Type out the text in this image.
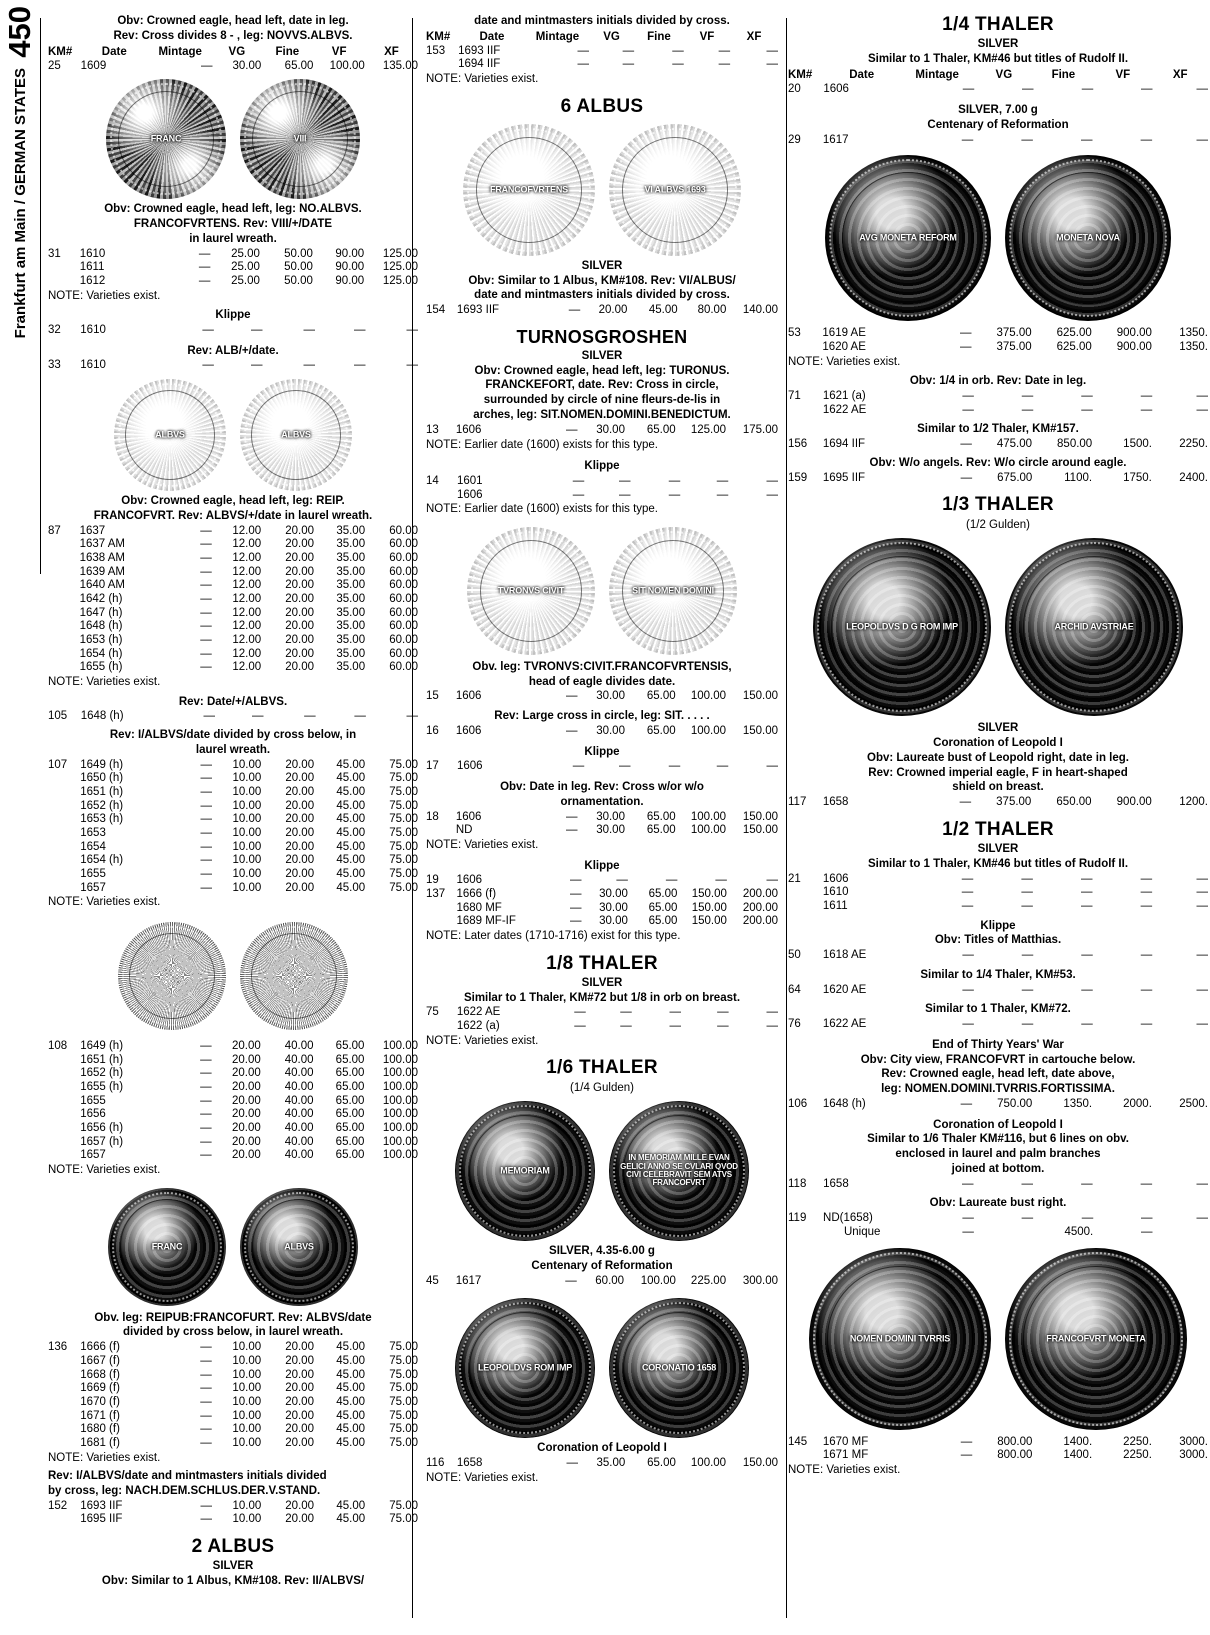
450
Frankfurt am Main / GERMAN STATES
Obv: Crowned eagle, head left, date in leg.
Rev: Cross divides 8 - , leg: NOVVS.ALBVS.
KM#	Date	Mintage	VG	Fine	VF	XF
25	1609	—	30.00	65.00	100.00	135.00
FRANC	VIII
Obv: Crowned eagle, head left, leg: NO.ALBVS.
FRANCOFVRTENS. Rev: VIII/+/DATE
in laurel wreath.
31	1610	—	25.00	50.00	90.00	125.00
	1611	—	25.00	50.00	90.00	125.00
	1612	—	25.00	50.00	90.00	125.00
NOTE: Varieties exist.
Klippe
32	1610	—	—	—	—	—
Rev: ALB/+/date.
33	1610	—	—	—	—	—
ALBVS	ALBVS
Obv: Crowned eagle, head left, leg: REIP.
FRANCOFVRT. Rev: ALBVS/+/date in laurel wreath.
87	1637	—	12.00	20.00	35.00	60.00
	1637 AM	—	12.00	20.00	35.00	60.00
	1638 AM	—	12.00	20.00	35.00	60.00
	1639 AM	—	12.00	20.00	35.00	60.00
	1640 AM	—	12.00	20.00	35.00	60.00
	1642 (h)	—	12.00	20.00	35.00	60.00
	1647 (h)	—	12.00	20.00	35.00	60.00
	1648 (h)	—	12.00	20.00	35.00	60.00
	1653 (h)	—	12.00	20.00	35.00	60.00
	1654 (h)	—	12.00	20.00	35.00	60.00
	1655 (h)	—	12.00	20.00	35.00	60.00
NOTE: Varieties exist.
Rev: Date/+/ALBVS.
105	1648 (h)	—	—	—	—	—
Rev: I/ALBVS/date divided by cross below, in
laurel wreath.
107	1649 (h)	—	10.00	20.00	45.00	75.00
	1650 (h)	—	10.00	20.00	45.00	75.00
	1651 (h)	—	10.00	20.00	45.00	75.00
	1652 (h)	—	10.00	20.00	45.00	75.00
	1653 (h)	—	10.00	20.00	45.00	75.00
	1653	—	10.00	20.00	45.00	75.00
	1654	—	10.00	20.00	45.00	75.00
	1654 (h)	—	10.00	20.00	45.00	75.00
	1655	—	10.00	20.00	45.00	75.00
	1657	—	10.00	20.00	45.00	75.00
NOTE: Varieties exist.
108	1649 (h)	—	20.00	40.00	65.00	100.00
	1651 (h)	—	20.00	40.00	65.00	100.00
	1652 (h)	—	20.00	40.00	65.00	100.00
	1655 (h)	—	20.00	40.00	65.00	100.00
	1655	—	20.00	40.00	65.00	100.00
	1656	—	20.00	40.00	65.00	100.00
	1656 (h)	—	20.00	40.00	65.00	100.00
	1657 (h)	—	20.00	40.00	65.00	100.00
	1657	—	20.00	40.00	65.00	100.00
NOTE: Varieties exist.
FRANC	ALBVS
Obv. leg: REIPUB:FRANCOFURT. Rev: ALBVS/date
divided by cross below, in laurel wreath.
136	1666 (f)	—	10.00	20.00	45.00	75.00
	1667 (f)	—	10.00	20.00	45.00	75.00
	1668 (f)	—	10.00	20.00	45.00	75.00
	1669 (f)	—	10.00	20.00	45.00	75.00
	1670 (f)	—	10.00	20.00	45.00	75.00
	1671 (f)	—	10.00	20.00	45.00	75.00
	1680 (f)	—	10.00	20.00	45.00	75.00
	1681 (f)	—	10.00	20.00	45.00	75.00
NOTE: Varieties exist.
Rev: I/ALBVS/date and mintmasters initials divided
by cross, leg: NACH.DEM.SCHLUS.DER.V.STAND.
152	1693 IIF	—	10.00	20.00	45.00	75.00
	1695 IIF	—	10.00	20.00	45.00	75.00
2 ALBUS
SILVER
Obv: Similar to 1 Albus, KM#108. Rev: II/ALBVS/
date and mintmasters initials divided by cross.
KM#	Date	Mintage	VG	Fine	VF	XF
153	1693 IIF	—	—	—	—	—
	1694 IIF	—	—	—	—	—
NOTE: Varieties exist.
6 ALBUS
FRANCOFVRTENS	VI ALBVS 1693
SILVER
Obv: Similar to 1 Albus, KM#108. Rev: VI/ALBUS/
date and mintmasters initials divided by cross.
154	1693 IIF	—	20.00	45.00	80.00	140.00
TURNOSGROSHEN
SILVER
Obv: Crowned eagle, head left, leg: TURONUS.
FRANCKEFORT, date. Rev: Cross in circle,
surrounded by circle of nine fleurs-de-lis in
arches, leg: SIT.NOMEN.DOMINI.BENEDICTUM.
13	1606	—	30.00	65.00	125.00	175.00
NOTE: Earlier date (1600) exists for this type.
Klippe
14	1601	—	—	—	—	—
	1606	—	—	—	—	—
NOTE: Earlier date (1600) exists for this type.
TVRONVS CIVIT	SIT NOMEN DOMINI
Obv. leg: TVRONVS:CIVIT.FRANCOFVRTENSIS,
head of eagle divides date.
15	1606	—	30.00	65.00	100.00	150.00
Rev: Large cross in circle, leg: SIT. . . . .
16	1606	—	30.00	65.00	100.00	150.00
Klippe
17	1606	—	—	—	—	—
Obv: Date in leg. Rev: Cross w/or w/o
ornamentation.
18	1606	—	30.00	65.00	100.00	150.00
	ND	—	30.00	65.00	100.00	150.00
NOTE: Varieties exist.
Klippe
19	1606	—	—	—	—	—
137	1666 (f)	—	30.00	65.00	150.00	200.00
	1680 MF	—	30.00	65.00	150.00	200.00
	1689 MF-IF	—	30.00	65.00	150.00	200.00
NOTE: Later dates (1710-1716) exist for this type.
1/8 THALER
SILVER
Similar to 1 Thaler, KM#72 but 1/8 in orb on breast.
75	1622 AE	—	—	—	—	—
	1622 (a)	—	—	—	—	—
NOTE: Varieties exist.
1/6 THALER
(1/4 Gulden)
MEMORIAM
IN MEMORIAM MILLE EVAN GELICI ANNO SE CVLARI QVOD CIVI CELEBRAVIT SEM ATVS FRANCOFVRT
SILVER, 4.35-6.00 g
Centenary of Reformation
45	1617	—	60.00	100.00	225.00	300.00
LEOPOLDVS ROM IMP	CORONATIO 1658
Coronation of Leopold I
116	1658	—	35.00	65.00	100.00	150.00
NOTE: Varieties exist.
1/4 THALER
SILVER
Similar to 1 Thaler, KM#46 but titles of Rudolf II.
KM#	Date	Mintage	VG	Fine	VF	XF
20	1606	—	—	—	—	—
SILVER, 7.00 g
Centenary of Reformation
29	1617	—	—	—	—	—
AVG MONETA REFORM	MONETA NOVA
53	1619 AE	—	375.00	625.00	900.00	1350.
	1620 AE	—	375.00	625.00	900.00	1350.
NOTE: Varieties exist.
Obv: 1/4 in orb. Rev: Date in leg.
71	1621 (a)	—	—	—	—	—
	1622 AE	—	—	—	—	—
Similar to 1/2 Thaler, KM#157.
156	1694 IIF	—	475.00	850.00	1500.	2250.
Obv: W/o angels. Rev: W/o circle around eagle.
159	1695 IIF	—	675.00	1100.	1750.	2400.
1/3 THALER
(1/2 Gulden)
LEOPOLDVS D G ROM IMP	ARCHID AVSTRIAE
SILVER
Coronation of Leopold I
Obv: Laureate bust of Leopold right, date in leg.
Rev: Crowned imperial eagle, F in heart-shaped
shield on breast.
117	1658	—	375.00	650.00	900.00	1200.
1/2 THALER
SILVER
Similar to 1 Thaler, KM#46 but titles of Rudolf II.
21	1606	—	—	—	—	—
	1610	—	—	—	—	—
	1611	—	—	—	—	—
Klippe
Obv: Titles of Matthias.
50	1618 AE	—	—	—	—	—
Similar to 1/4 Thaler, KM#53.
64	1620 AE	—	—	—	—	—
Similar to 1 Thaler, KM#72.
76	1622 AE	—	—	—	—	—
End of Thirty Years' War
Obv: City view, FRANCOFVRT in cartouche below.
Rev: Crowned eagle, head left, date above,
leg: NOMEN.DOMINI.TVRRIS.FORTISSIMA.
106	1648 (h)	—	750.00	1350.	2000.	2500.
Coronation of Leopold I
Similar to 1/6 Thaler KM#116, but 6 lines on obv.
enclosed in laurel and palm branches
joined at bottom.
118	1658	—	—	—	—	—
Obv: Laureate bust right.
119	ND(1658)	—	—	—	—	—
	Unique	—		4500.	—	
NOMEN DOMINI TVRRIS	FRANCOFVRT MONETA
145	1670 MF	—	800.00	1400.	2250.	3000.
	1671 MF	—	800.00	1400.	2250.	3000.
NOTE: Varieties exist.
